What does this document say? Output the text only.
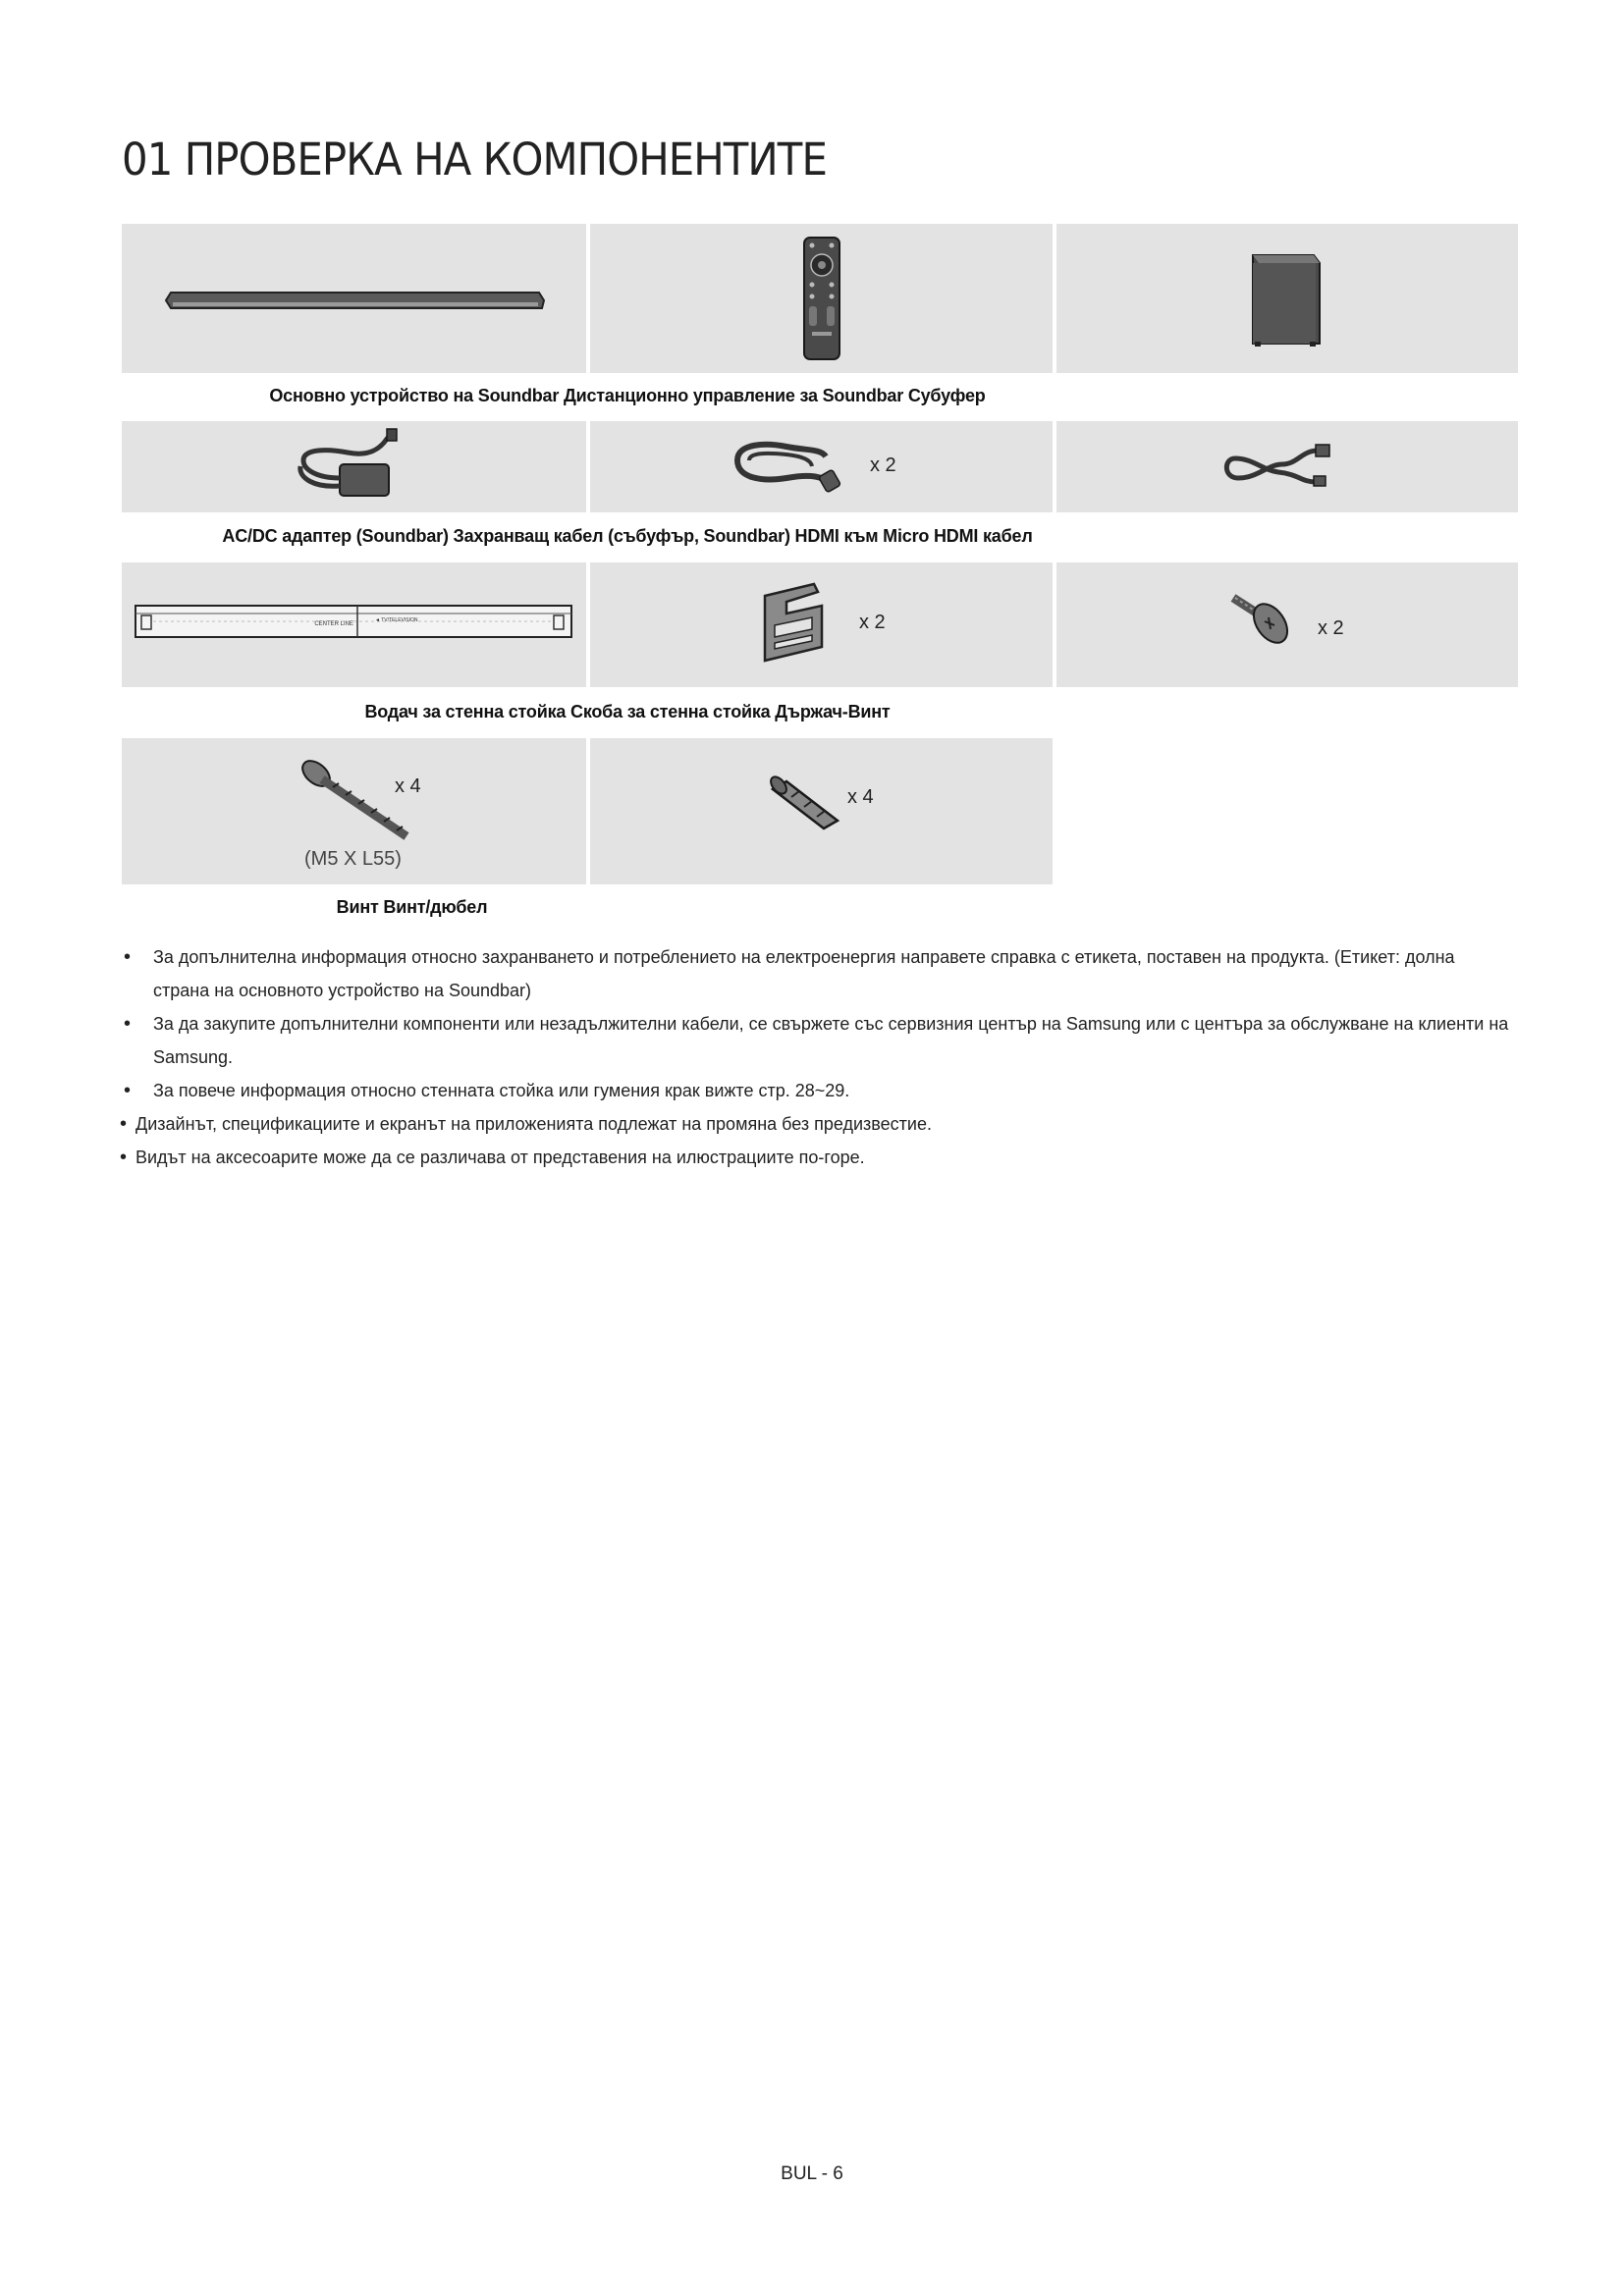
01 ПРОВЕРКА НА КОМПОНЕНТИТЕ
Основно устройство на Soundbar Дистанционно управление за Soundbar Субуфер
x 2
AC/DC адаптер (Soundbar) Захранващ кабел (събуфър, Soundbar) HDMI към Micro HDMI кабел
CENTER LINE
◄ TV/TELEVISION	x 2	x 2
Водач за стенна стойка Скоба за стенна стойка Държач-Винт
x 4
(M5 X L55)
x 4
Винт Винт/дюбел
• За допълнителна информация относно захранването и потреблението на електроенергия направете справка с етикета, поставен на продукта. (Етикет: долна страна на основното устройство на Soundbar)
• За да закупите допълнителни компоненти или незадължителни кабели, се свържете със сервизния център на Samsung или с центъра за обслужване на клиенти на Samsung.
• За повече информация относно стенната стойка или гумения крак вижте стр. 28~29.
• Дизайнът, спецификациите и екранът на приложенията подлежат на промяна без предизвестие.
• Видът на аксесоарите може да се различава от представения на илюстрациите по-горе.
BUL - 6
